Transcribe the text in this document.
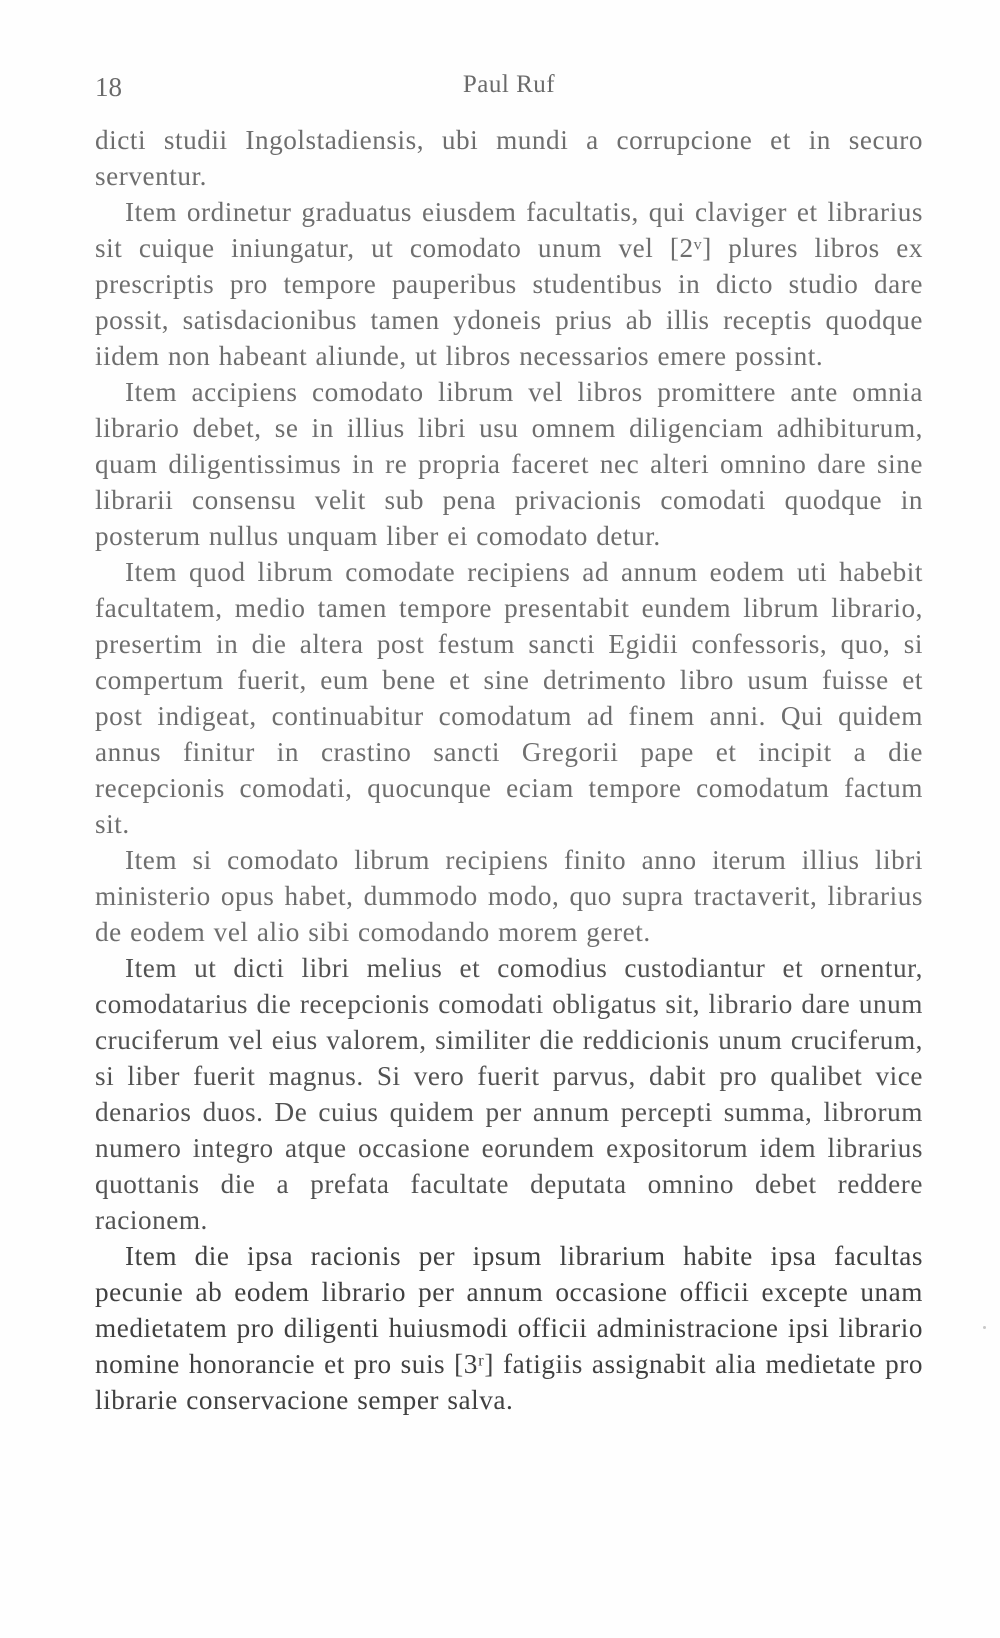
18	Paul Ruf

dicti studii Ingolstadiensis, ubi mundi a corrupcione et in securo serventur.

Item ordinetur graduatus eiusdem facultatis, qui claviger et librarius sit cuique iniungatur, ut comodato unum vel [2ᵛ] plures libros ex prescriptis pro tempore pauperibus studentibus in dicto studio dare possit, satisdacionibus tamen ydoneis prius ab illis receptis quodque iidem non habeant aliunde, ut libros necessarios emere possint.

Item accipiens comodato librum vel libros promittere ante omnia librario debet, se in illius libri usu omnem diligenciam adhibiturum, quam diligentissimus in re propria faceret nec alteri omnino dare sine librarii consensu velit sub pena privacionis comodati quodque in posterum nullus unquam liber ei comodato detur.

Item quod librum comodate recipiens ad annum eodem uti habebit facultatem, medio tamen tempore presentabit eundem librum librario, presertim in die altera post festum sancti Egidii confessoris, quo, si compertum fuerit, eum bene et sine detrimento libro usum fuisse et post indigeat, continuabitur comodatum ad finem anni. Qui quidem annus finitur in crastino sancti Gregorii pape et incipit a die recepcionis comodati, quocunque eciam tempore comodatum factum sit.

Item si comodato librum recipiens finito anno iterum illius libri ministerio opus habet, dummodo modo, quo supra tractaverit, librarius de eodem vel alio sibi comodando morem geret.

Item ut dicti libri melius et comodius custodiantur et ornentur, comodatarius die recepcionis comodati obligatus sit, librario dare unum cruciferum vel eius valorem, similiter die reddicionis unum cruciferum, si liber fuerit magnus. Si vero fuerit parvus, dabit pro qualibet vice denarios duos. De cuius quidem per annum percepti summa, librorum numero integro atque occasione eorundem expositorum idem librarius quottanis die a prefata facultate deputata omnino debet reddere racionem.

Item die ipsa racionis per ipsum librarium habite ipsa facultas pecunie ab eodem librario per annum occasione officii excepte unam medietatem pro diligenti huiusmodi officii administracione ipsi librario nomine honorancie et pro suis [3ʳ] fatigiis assignabit alia medietate pro librarie conservacione semper salva.
